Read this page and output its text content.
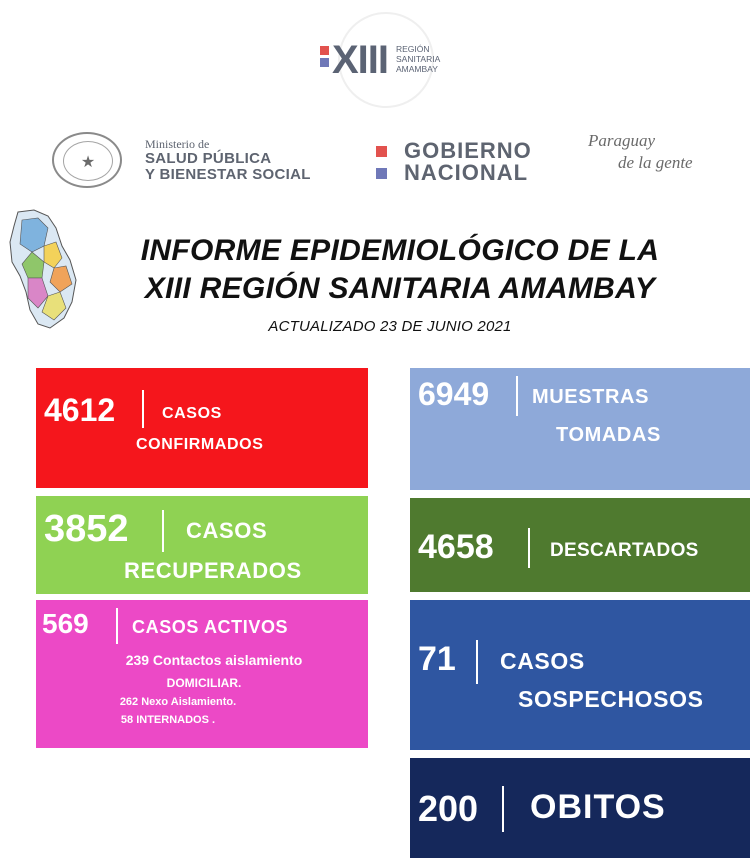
XIII REGIÓN
SANITARIA
AMAMBAY
★
Ministerio de
SALUD PÚBLICA
Y BIENESTAR SOCIAL
GOBIERNO
NACIONAL
Paraguay
de la gente
INFORME EPIDEMIOLÓGICO DE LA
XIII REGIÓN SANITARIA AMAMBAY
ACTUALIZADO 23 DE JUNIO 2021
4612	CASOS
CONFIRMADOS
3852	CASOS
RECUPERADOS
569 CASOS ACTIVOS
239 Contactos aislamiento
DOMICILIAR.
262 Nexo Aislamiento.
58 INTERNADOS .
6949 MUESTRAS
TOMADAS
4658	DESCARTADOS
71 CASOS
SOSPECHOSOS
200 OBITOS
